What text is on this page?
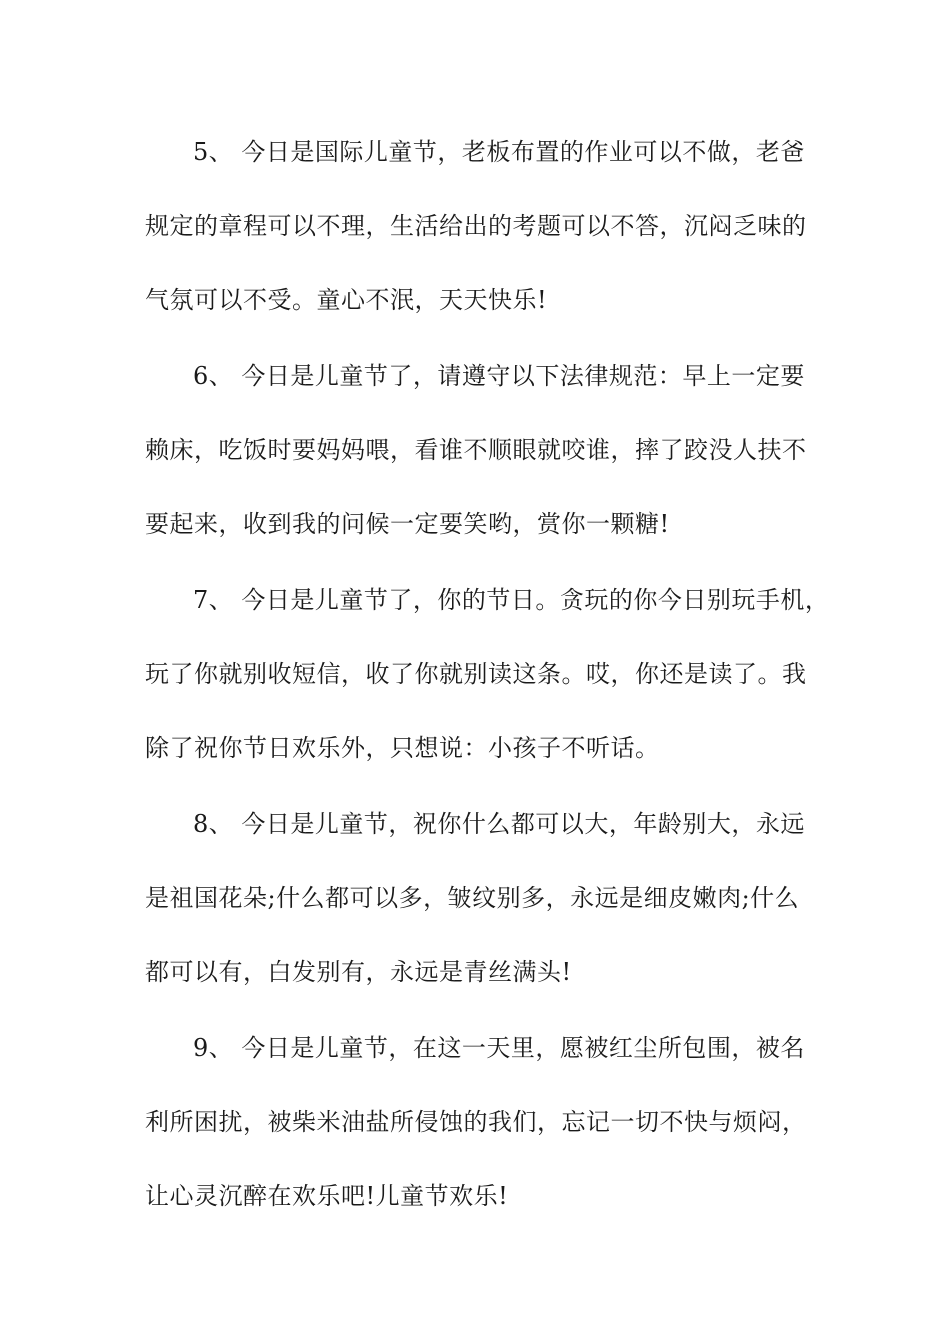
5、 今日是国际儿童节，老板布置的作业可以不做，老爸
规定的章程可以不理，生活给出的考题可以不答，沉闷乏味的
气氛可以不受。童心不泯，天天快乐!
6、 今日是儿童节了，请遵守以下法律规范：早上一定要
赖床，吃饭时要妈妈喂，看谁不顺眼就咬谁，摔了跤没人扶不
要起来，收到我的问候一定要笑哟，赏你一颗糖!
7、 今日是儿童节了，你的节日。贪玩的你今日别玩手机，
玩了你就别收短信，收了你就别读这条。哎，你还是读了。我
除了祝你节日欢乐外，只想说：小孩子不听话。
8、 今日是儿童节，祝你什么都可以大，年龄别大，永远
是祖国花朵;什么都可以多，皱纹别多，永远是细皮嫩肉;什么
都可以有，白发别有，永远是青丝满头!
9、 今日是儿童节，在这一天里，愿被红尘所包围，被名
利所困扰，被柴米油盐所侵蚀的我们，忘记一切不快与烦闷，
让心灵沉醉在欢乐吧!儿童节欢乐!
